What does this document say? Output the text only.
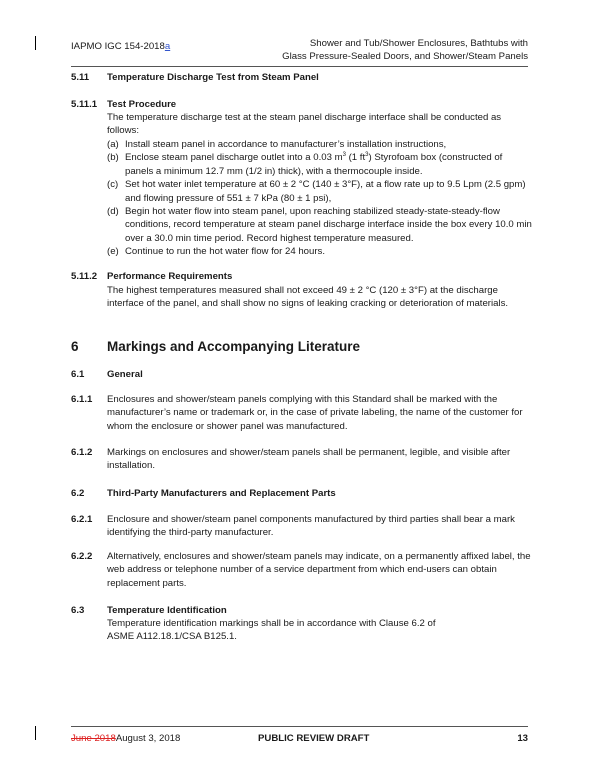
IAPMO IGC 154-2018a	Shower and Tub/Shower Enclosures, Bathtubs with
Glass Pressure-Sealed Doors, and Shower/Steam Panels
5.11 Temperature Discharge Test from Steam Panel
5.11.1 Test Procedure
The temperature discharge test at the steam panel discharge interface shall be conducted as follows:
(a) Install steam panel in accordance to manufacturer’s installation instructions,
(b) Enclose steam panel discharge outlet into a 0.03 $m^3$ (1 $ft^3$) Styrofoam box (constructed of panels a minimum 12.7 mm (1/2 in) thick), with a thermocouple inside.
(c) Set hot water inlet temperature at 60 ± 2 °C (140 ± 3°F), at a flow rate up to 9.5 Lpm (2.5 gpm) and flowing pressure of 551 ± 7 kPa (80 ± 1 psi),
(d) Begin hot water flow into steam panel, upon reaching stabilized steady-state-steady-flow conditions, record temperature at steam panel discharge interface inside the box every 10.0 min over a 30.0 min time period. Record highest temperature measured.
(e) Continue to run the hot water flow for 24 hours.
5.11.2 Performance Requirements
The highest temperatures measured shall not exceed 49 ± 2 °C (120 ± 3°F) at the discharge interface of the panel, and shall show no signs of leaking cracking or deterioration of materials.
6 Markings and Accompanying Literature
6.1 General
6.1.1 Enclosures and shower/steam panels complying with this Standard shall be marked with the manufacturer’s name or trademark or, in the case of private labeling, the name of the customer for whom the enclosure or shower panel was manufactured.
6.1.2 Markings on enclosures and shower/steam panels shall be permanent, legible, and visible after installation.
6.2 Third-Party Manufacturers and Replacement Parts
6.2.1 Enclosure and shower/steam panel components manufactured by third parties shall bear a mark identifying the third-party manufacturer.
6.2.2 Alternatively, enclosures and shower/steam panels may indicate, on a permanently affixed label, the web address or telephone number of a service department from which end-users can obtain replacement parts.
6.3 Temperature Identification
Temperature identification markings shall be in accordance with Clause 6.2 of
ASME A112.18.1/CSA B125.1.
June 2018August 3, 2018	PUBLIC REVIEW DRAFT	13
